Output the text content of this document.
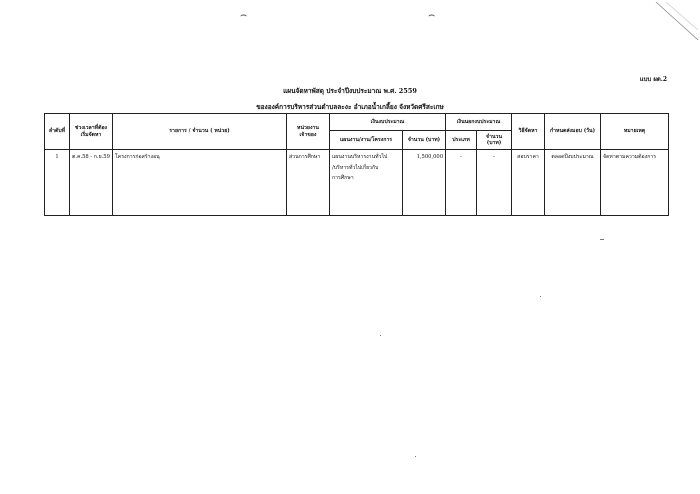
⌢	⌢
แบบ ผด.2
แผนจัดหาพัสดุ ประจำปีงบประมาณ พ.ศ. 2559
ขององค์การบริหารส่วนตำบลละงะ อำเภอน้ำเกลี้ยง จังหวัดศรีสะเกษ
ลำดับที่	ช่วงเวลาที่ต้องเริ่มจัดหา	รายการ / จำนวน ( หน่วย)	หน่วยงานเจ้าของ	เงินงบประมาณ		เงินนอกงบประมาณ		วิธีจัดหา	กำหนดส่งมอบ (วัน)	หมายเหตุ
				แผนงาน/งาน/โครงการ	จำนวน (บาท)	ประเภท	จำนวน (บาท)			
1	ต.ค.58 - ก.ย.59	โครงการก่อสร้างอนุ	ส่วนการศึกษา	แผนงานบริหารงานทั่วไป
/บริหารทั่วไปเกี่ยวกับ
การศึกษา	1,500,000	-	-	สอบราคา	ตลอดปีงบประมาณ	จัดหาตามความต้องการ
